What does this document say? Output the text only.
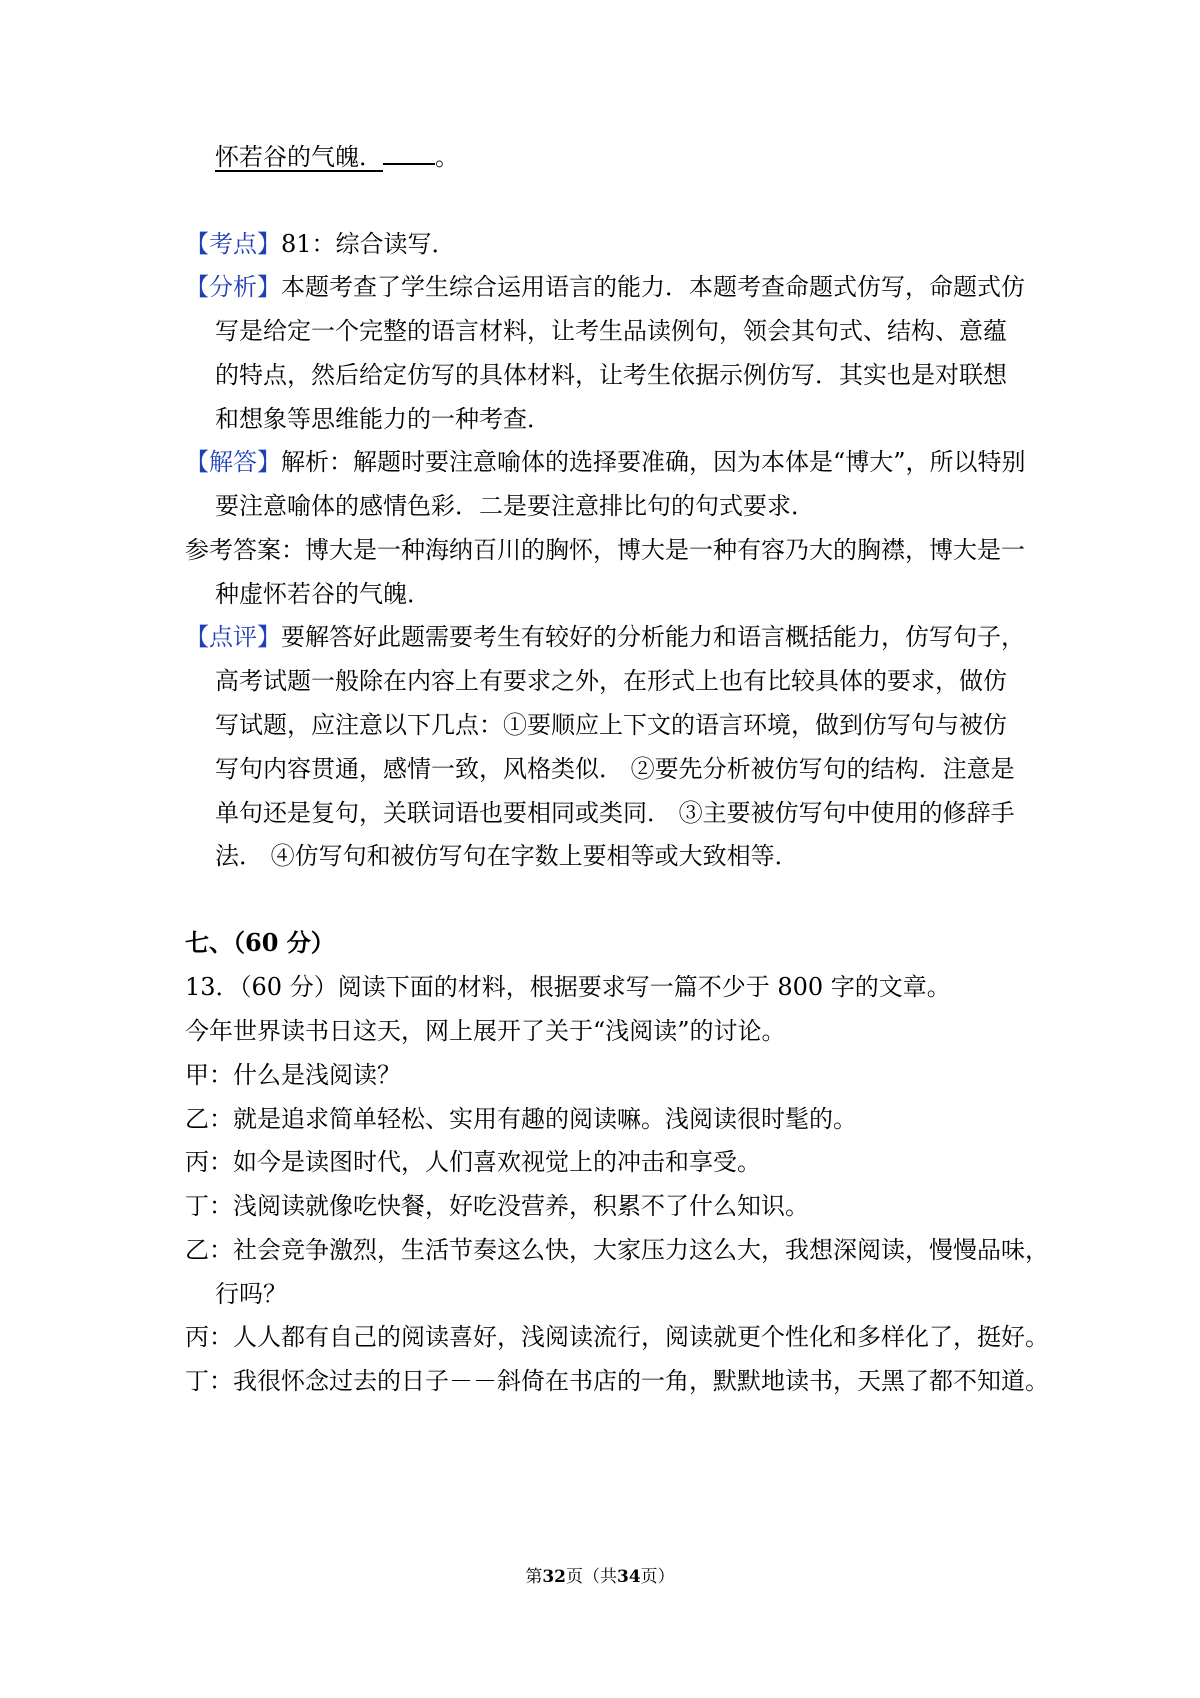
怀若谷的气魄． 。
【考点】81：综合读写．
【分析】本题考查了学生综合运用语言的能力．本题考查命题式仿写，命题式仿
写是给定一个完整的语言材料，让考生品读例句，领会其句式、结构、意蕴
的特点，然后给定仿写的具体材料，让考生依据示例仿写．其实也是对联想
和想象等思维能力的一种考查．
【解答】解析：解题时要注意喻体的选择要准确，因为本体是“博大”，所以特别
要注意喻体的感情色彩．二是要注意排比句的句式要求．
参考答案：博大是一种海纳百川的胸怀，博大是一种有容乃大的胸襟，博大是一
种虚怀若谷的气魄．
【点评】要解答好此题需要考生有较好的分析能力和语言概括能力，仿写句子，
高考试题一般除在内容上有要求之外，在形式上也有比较具体的要求，做仿
写试题，应注意以下几点：①要顺应上下文的语言环境，做到仿写句与被仿
写句内容贯通，感情一致，风格类似． ②要先分析被仿写句的结构．注意是
单句还是复句，关联词语也要相同或类同． ③主要被仿写句中使用的修辞手
法． ④仿写句和被仿写句在字数上要相等或大致相等．
七、（60 分）
13．（60 分）阅读下面的材料，根据要求写一篇不少于 800 字的文章。
今年世界读书日这天，网上展开了关于“浅阅读”的讨论。
甲：什么是浅阅读？
乙：就是追求简单轻松、实用有趣的阅读嘛。浅阅读很时髦的。
丙：如今是读图时代，人们喜欢视觉上的冲击和享受。
丁：浅阅读就像吃快餐，好吃没营养，积累不了什么知识。
乙：社会竞争激烈，生活节奏这么快，大家压力这么大，我想深阅读，慢慢品味，
行吗？
丙：人人都有自己的阅读喜好，浅阅读流行，阅读就更个性化和多样化了，挺好。
丁：我很怀念过去的日子－－斜倚在书店的一角，默默地读书，天黑了都不知道。
第32页（共34页）
